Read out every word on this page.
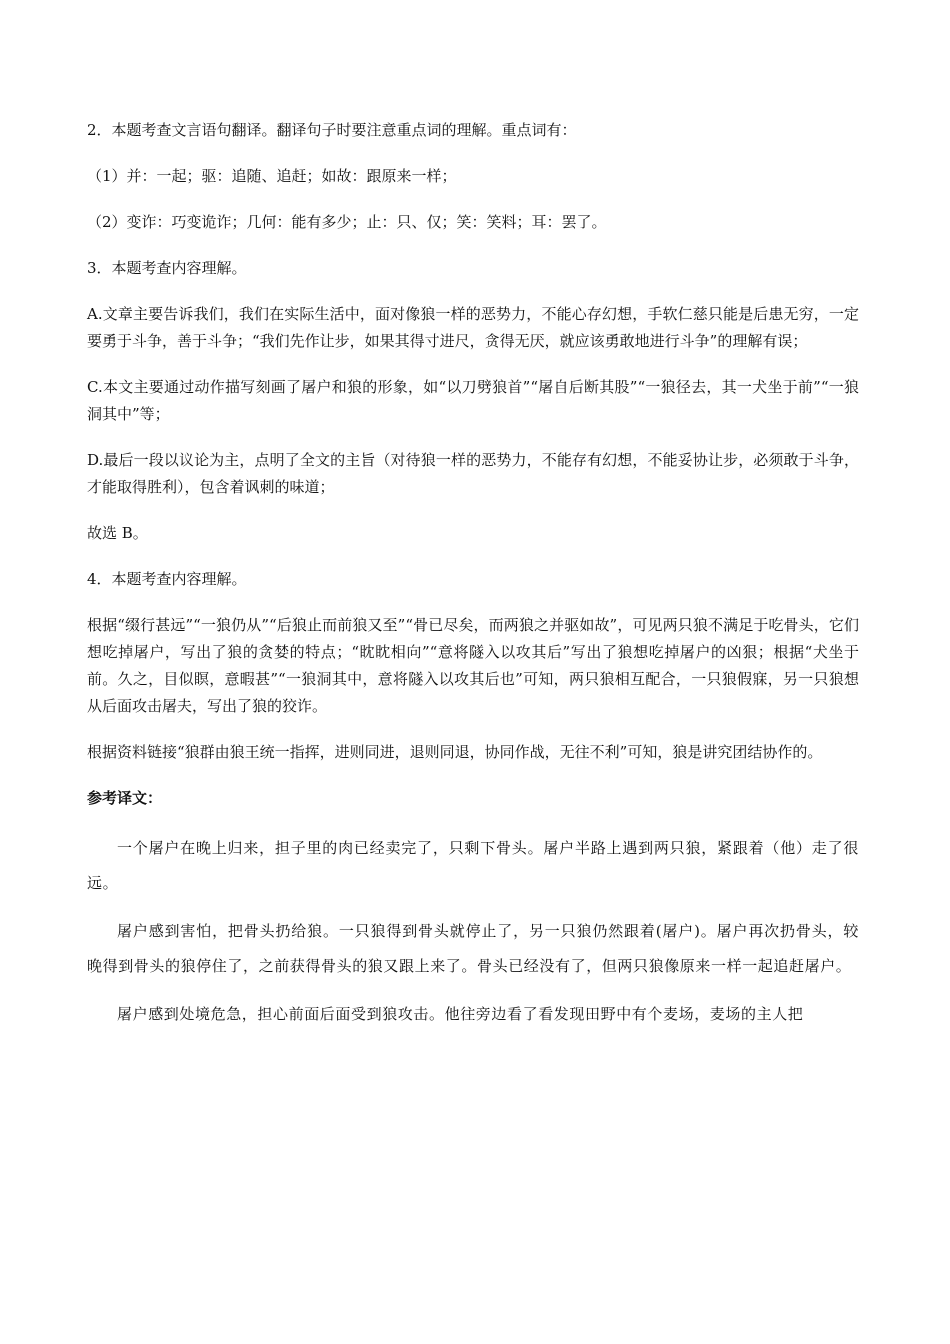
2．本题考查文言语句翻译。翻译句子时要注意重点词的理解。重点词有：

（1）并：一起；驱：追随、追赶；如故：跟原来一样；

（2）变诈：巧变诡诈；几何：能有多少；止：只、仅；笑：笑料；耳：罢了。

3．本题考查内容理解。

A.文章主要告诉我们，我们在实际生活中，面对像狼一样的恶势力，不能心存幻想，手软仁慈只能是后患无穷，一定要勇于斗争，善于斗争；“我们先作让步，如果其得寸进尺，贪得无厌，就应该勇敢地进行斗争”的理解有误；

C.本文主要通过动作描写刻画了屠户和狼的形象，如“以刀劈狼首”“屠自后断其股”“一狼径去，其一犬坐于前”“一狼洞其中”等；

D.最后一段以议论为主，点明了全文的主旨（对待狼一样的恶势力，不能存有幻想，不能妥协让步，必须敢于斗争，才能取得胜利），包含着讽刺的味道；

故选 B。

4．本题考查内容理解。

根据“缀行甚远”“一狼仍从”“后狼止而前狼又至”“骨已尽矣，而两狼之并驱如故”，可见两只狼不满足于吃骨头，它们想吃掉屠户，写出了狼的贪婪的特点；“眈眈相向”“意将隧入以攻其后”写出了狼想吃掉屠户的凶狠；根据“犬坐于前。久之，目似瞑，意暇甚”“一狼洞其中，意将隧入以攻其后也”可知，两只狼相互配合，一只狼假寐，另一只狼想从后面攻击屠夫，写出了狼的狡诈。

根据资料链接“狼群由狼王统一指挥，进则同进，退则同退，协同作战，无往不利”可知，狼是讲究团结协作的。

参考译文：

一个屠户在晚上归来，担子里的肉已经卖完了，只剩下骨头。屠户半路上遇到两只狼，紧跟着（他）走了很远。

屠户感到害怕，把骨头扔给狼。一只狼得到骨头就停止了，另一只狼仍然跟着(屠户)。屠户再次扔骨头，较晚得到骨头的狼停住了，之前获得骨头的狼又跟上来了。骨头已经没有了，但两只狼像原来一样一起追赶屠户。

屠户感到处境危急，担心前面后面受到狼攻击。他往旁边看了看发现田野中有个麦场，麦场的主人把
